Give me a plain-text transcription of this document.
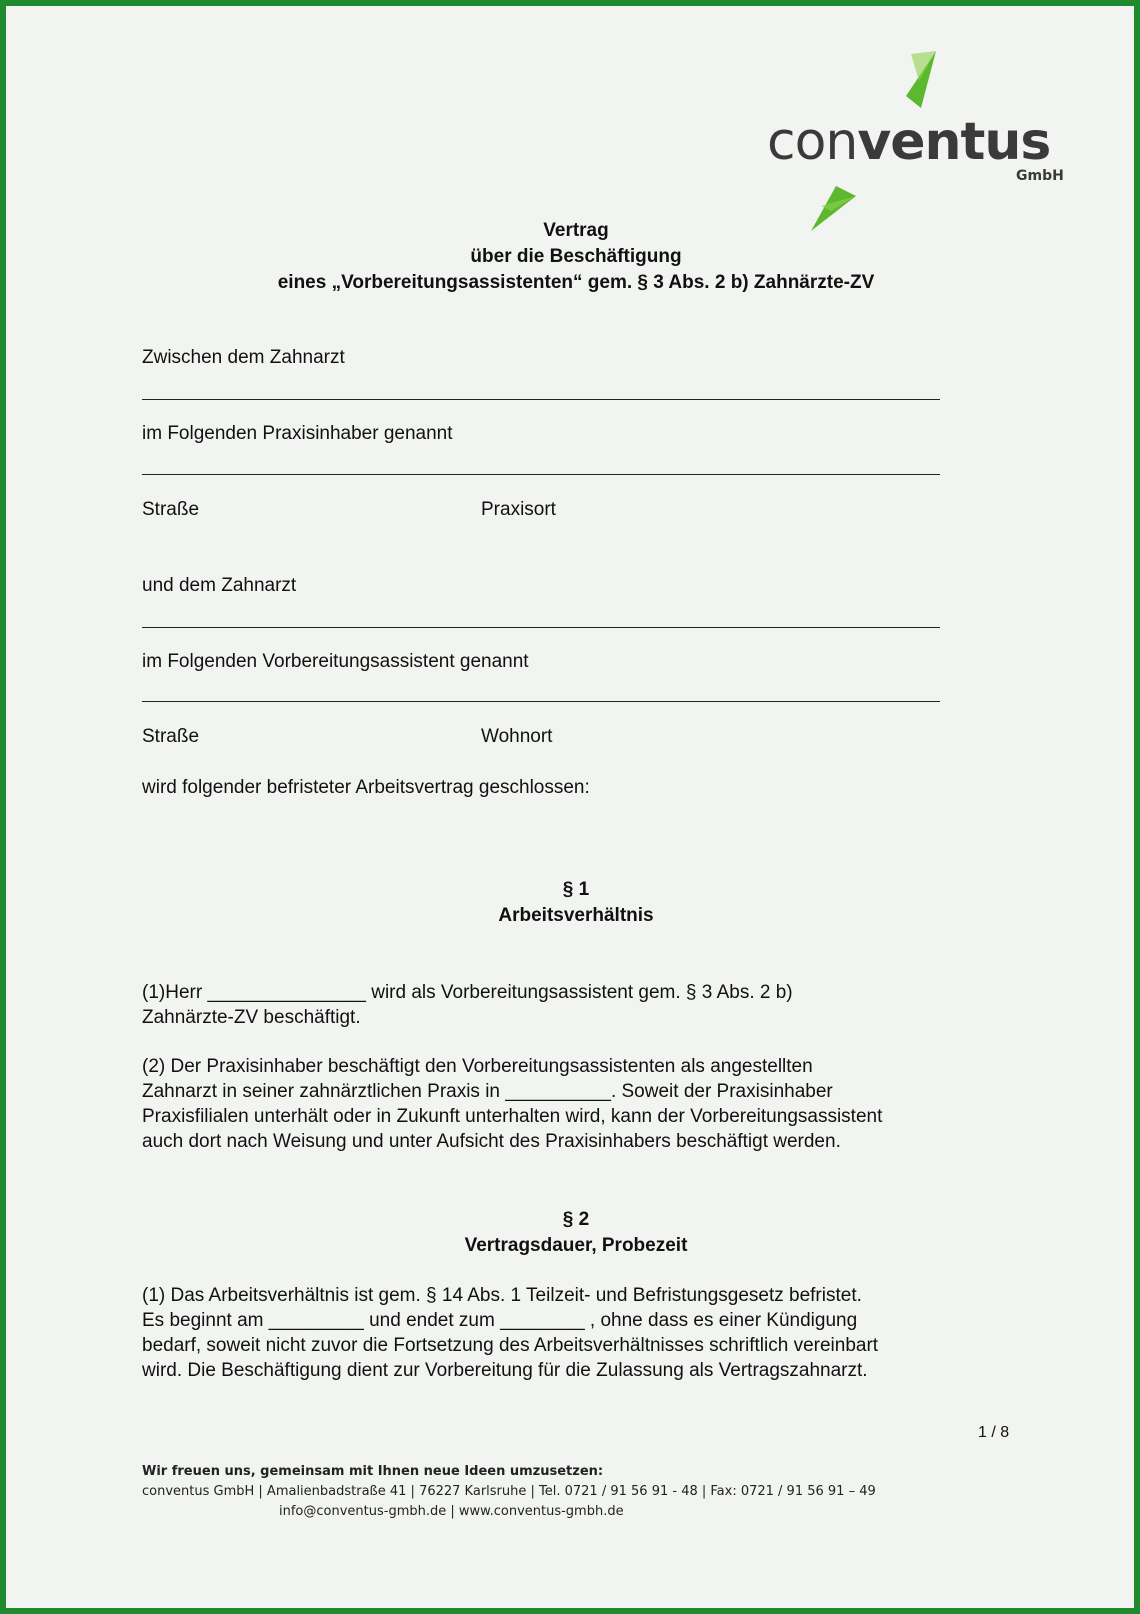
conventus
GmbH
Vertrag
über die Beschäftigung
eines „Vorbereitungsassistenten“ gem. § 3 Abs. 2 b) Zahnärzte-ZV
Zwischen dem Zahnarzt
im Folgenden Praxisinhaber genannt
Straße	Praxisort
und dem Zahnarzt
im Folgenden Vorbereitungsassistent genannt
Straße	Wohnort
wird folgender befristeter Arbeitsvertrag geschlossen:
§ 1
Arbeitsverhältnis
(1)Herr _______________ wird als Vorbereitungsassistent gem. § 3 Abs. 2 b)
Zahnärzte-ZV beschäftigt.
(2) Der Praxisinhaber beschäftigt den Vorbereitungsassistenten als angestellten
Zahnarzt in seiner zahnärztlichen Praxis in __________. Soweit der Praxisinhaber
Praxisfilialen unterhält oder in Zukunft unterhalten wird, kann der Vorbereitungsassistent
auch dort nach Weisung und unter Aufsicht des Praxisinhabers beschäftigt werden.
§ 2
Vertragsdauer, Probezeit
(1) Das Arbeitsverhältnis ist gem. § 14 Abs. 1 Teilzeit- und Befristungsgesetz befristet.
Es beginnt am _________ und endet zum ________ , ohne dass es einer Kündigung
bedarf, soweit nicht zuvor die Fortsetzung des Arbeitsverhältnisses schriftlich vereinbart
wird. Die Beschäftigung dient zur Vorbereitung für die Zulassung als Vertragszahnarzt.
1 / 8
Wir freuen uns, gemeinsam mit Ihnen neue Ideen umzusetzen:
conventus GmbH | Amalienbadstraße 41 | 76227 Karlsruhe | Tel. 0721 / 91 56 91 - 48 | Fax: 0721 / 91 56 91 – 49
info@conventus-gmbh.de | www.conventus-gmbh.de
